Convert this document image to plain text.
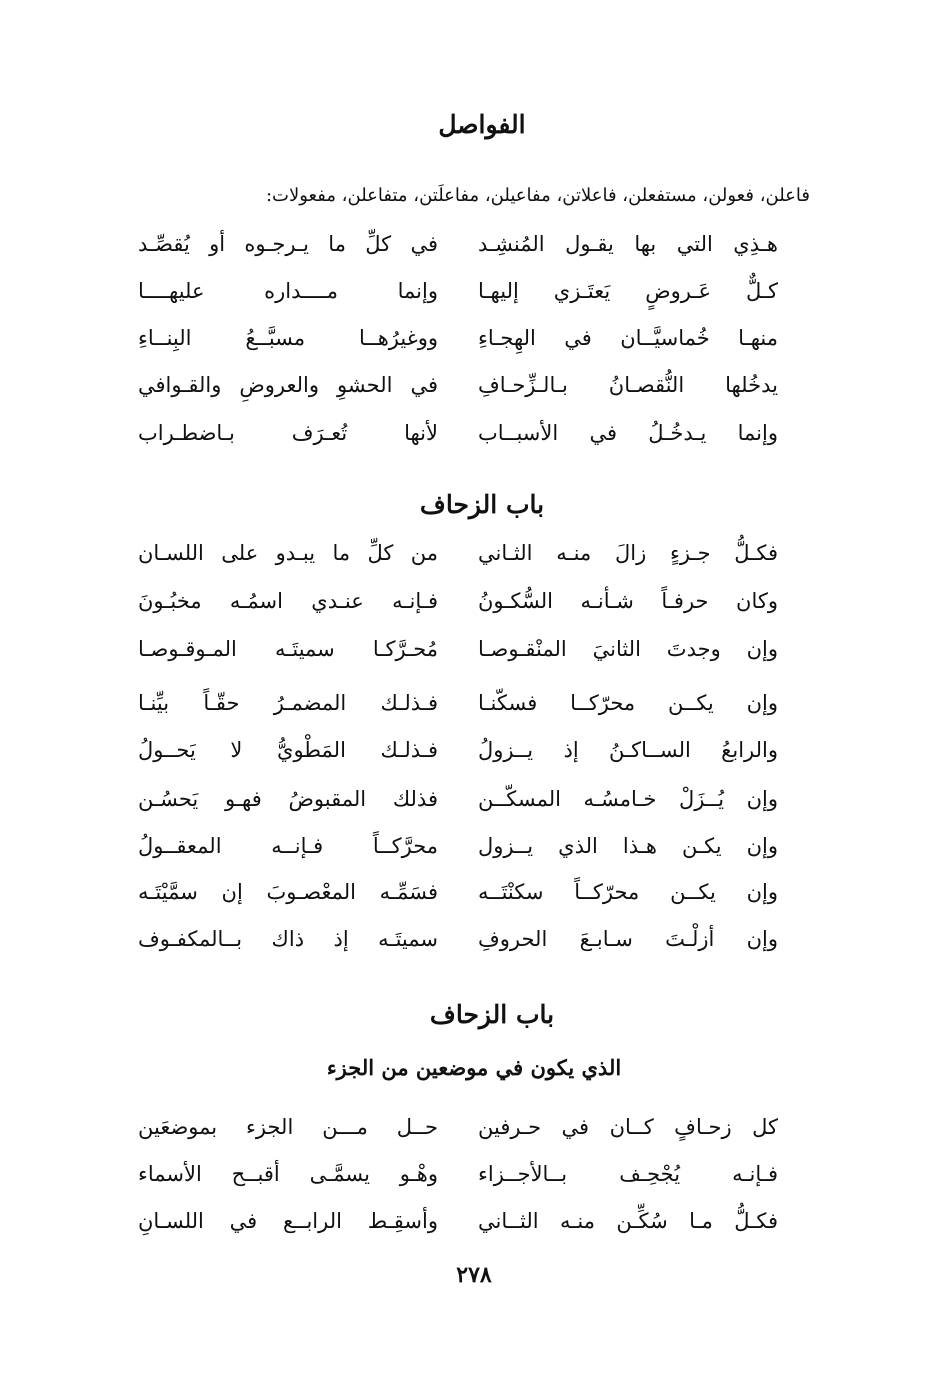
الفواصل
فاعلن، فعولن، مستفعلن، فاعلاتن، مفاعيلن، مفاعلَتن، متفاعلن، مفعولات:
هـذِي التي بها يقـول المُنشِـد
في كلِّ ما يـرجـوه أو يُقصِّـد
كـلٌّ عَـروضٍ يَعتَـزي إليهـا
وإنما مــــداره عليهــــا
منهـا خُماسيَّــان في الهِجـاءِ
ووغيرُهــا مسبَّــعُ البِنــاءِ
يدخُلها النُّقصـانُ بـالـزِّحـافِ
في الحشوِ والعروضِ والقـوافي
وإنما يـدخُـلُ في الأسبــاب
لأنها تُعـرَف بـاضطـراب
باب الزحاف
فكـلُّ جـزءٍ زالَ منـه الثـاني
من كلِّ ما يبـدو على اللسـان
وكان حرفـاً شـأنـه السُّكـونُ
فـإنـه عنـدي اسمُـه مخبُـونَ
وإن وجدتَ الثانيَ المنْقـوصـا
مُحـرَّكـا سميتَـه المـوقـوصـا
وإن يكــن محرّكــا فسكّنـا
فـذلـك المضمـرُ حقّـاً بيِّنـا
والرابعُ الســاكـنُ إذ يــزولُ
فـذلـك المَطْويُّ لا يَحــولُ
وإن يُــزَلْ خـامسُـه المسكّــن
فذلك المقبوضُ فهـو يَحسُـن
وإن يكـن هـذا الذي يــزول
محرَّكــاً فـإنــه المعقــولُ
وإن يكــن محرّكــاً سكنْتَــه
فسَمِّـه المعْصـوبَ إن سمَّيْتَـه
وإن أزلْـتَ سـابـعَ الحروفِ
سميتَـه إذ ذاك بــالمكفـوف
باب الزحاف
الذي يكون في موضعين من الجزء
كل زحـافٍ كــان في حـرفين
حــل مـــن الجزء بموضعَين
فـإنـه يُجْحِـف بــالأجــزاء
وهْـو يسمَّـى أقبــح الأسماء
فكـلُّ مـا سُكِّـن منـه الثــاني
وأسقِـط الرابــع في اللسـانِ
٢٧٨
